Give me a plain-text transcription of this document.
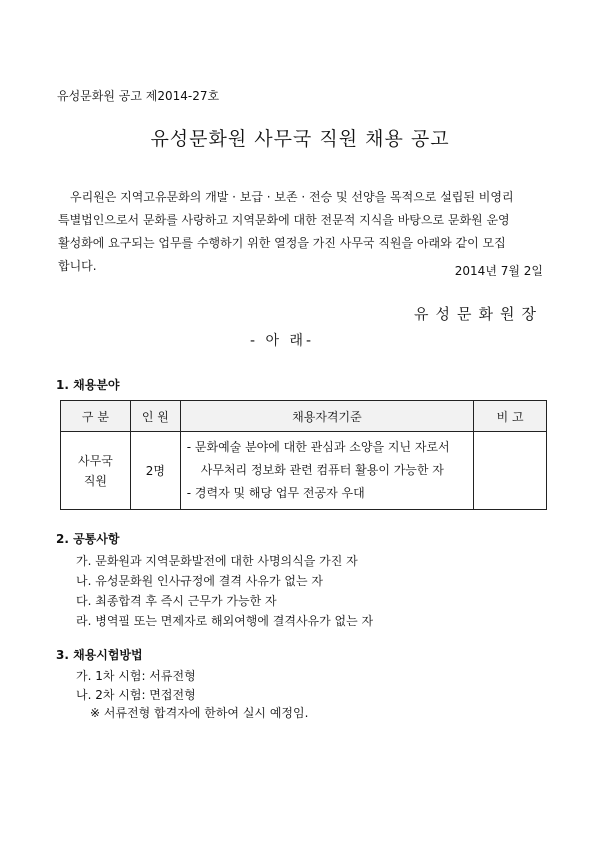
유성문화원 공고 제2014-27호
유성문화원 사무국 직원 채용 공고
우리원은 지역고유문화의 개발 · 보급 · 보존 · 전승 및 선양을 목적으로 설립된 비영리
특별법인으로서 문화를 사랑하고 지역문화에 대한 전문적 지식을 바탕으로 문화원 운영
활성화에 요구되는 업무를 수행하기 위한 열정을 가진 사무국 직원을 아래와 같이 모집
합니다.	2014년 7월 2일
유성문화원장
- 아 래-
1. 채용분야
구 분	인 원	채용자격기준	비 고
사무국
직원	2명	- 문화예술 분야에 대한 관심과 소양을 지닌 자로서
사무처리 정보화 관련 컴퓨터 활용이 가능한 자
- 경력자 및 해당 업무 전공자 우대	

2. 공통사항
가. 문화원과 지역문화발전에 대한 사명의식을 가진 자
나. 유성문화원 인사규정에 결격 사유가 없는 자
다. 최종합격 후 즉시 근무가 가능한 자
라. 병역필 또는 면제자로 해외여행에 결격사유가 없는 자
3. 채용시험방법
가. 1차 시험: 서류전형
나. 2차 시험: 면접전형
※ 서류전형 합격자에 한하여 실시 예정임.
